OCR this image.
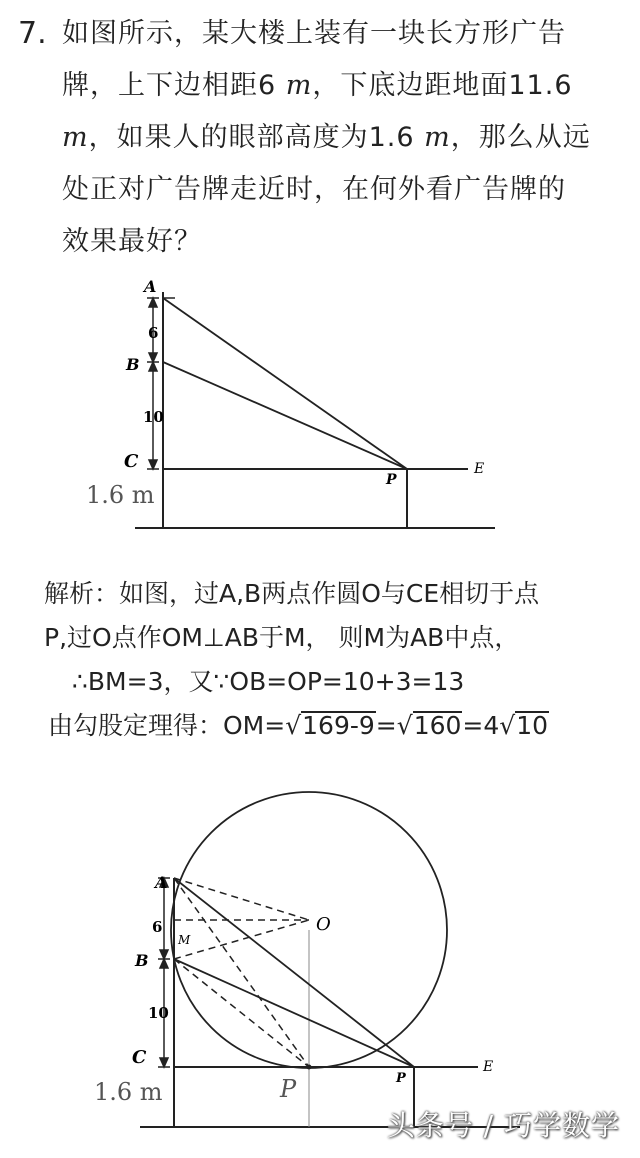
7. 如图所示，某大楼上装有一块长方形广告
牌，上下边相距6 m，下底边距地面11.6
m，如果人的眼部高度为1.6 m，那么从远
处正对广告牌走近时，在何外看广告牌的
效果最好？
A
B
C	E
P
6
10
1.6 m
解析：如图，过A,B两点作圆O与CE相切于点
P,过O点作OM⊥AB于M， 则M为AB中点，
∴BM=3，又∵OB=OP=10+3=13
由勾股定理得：OM=√169-9=√160=4√10
A
B
C	E
O
M
P
P
6
10
1.6 m
头条号 / 巧学数学
